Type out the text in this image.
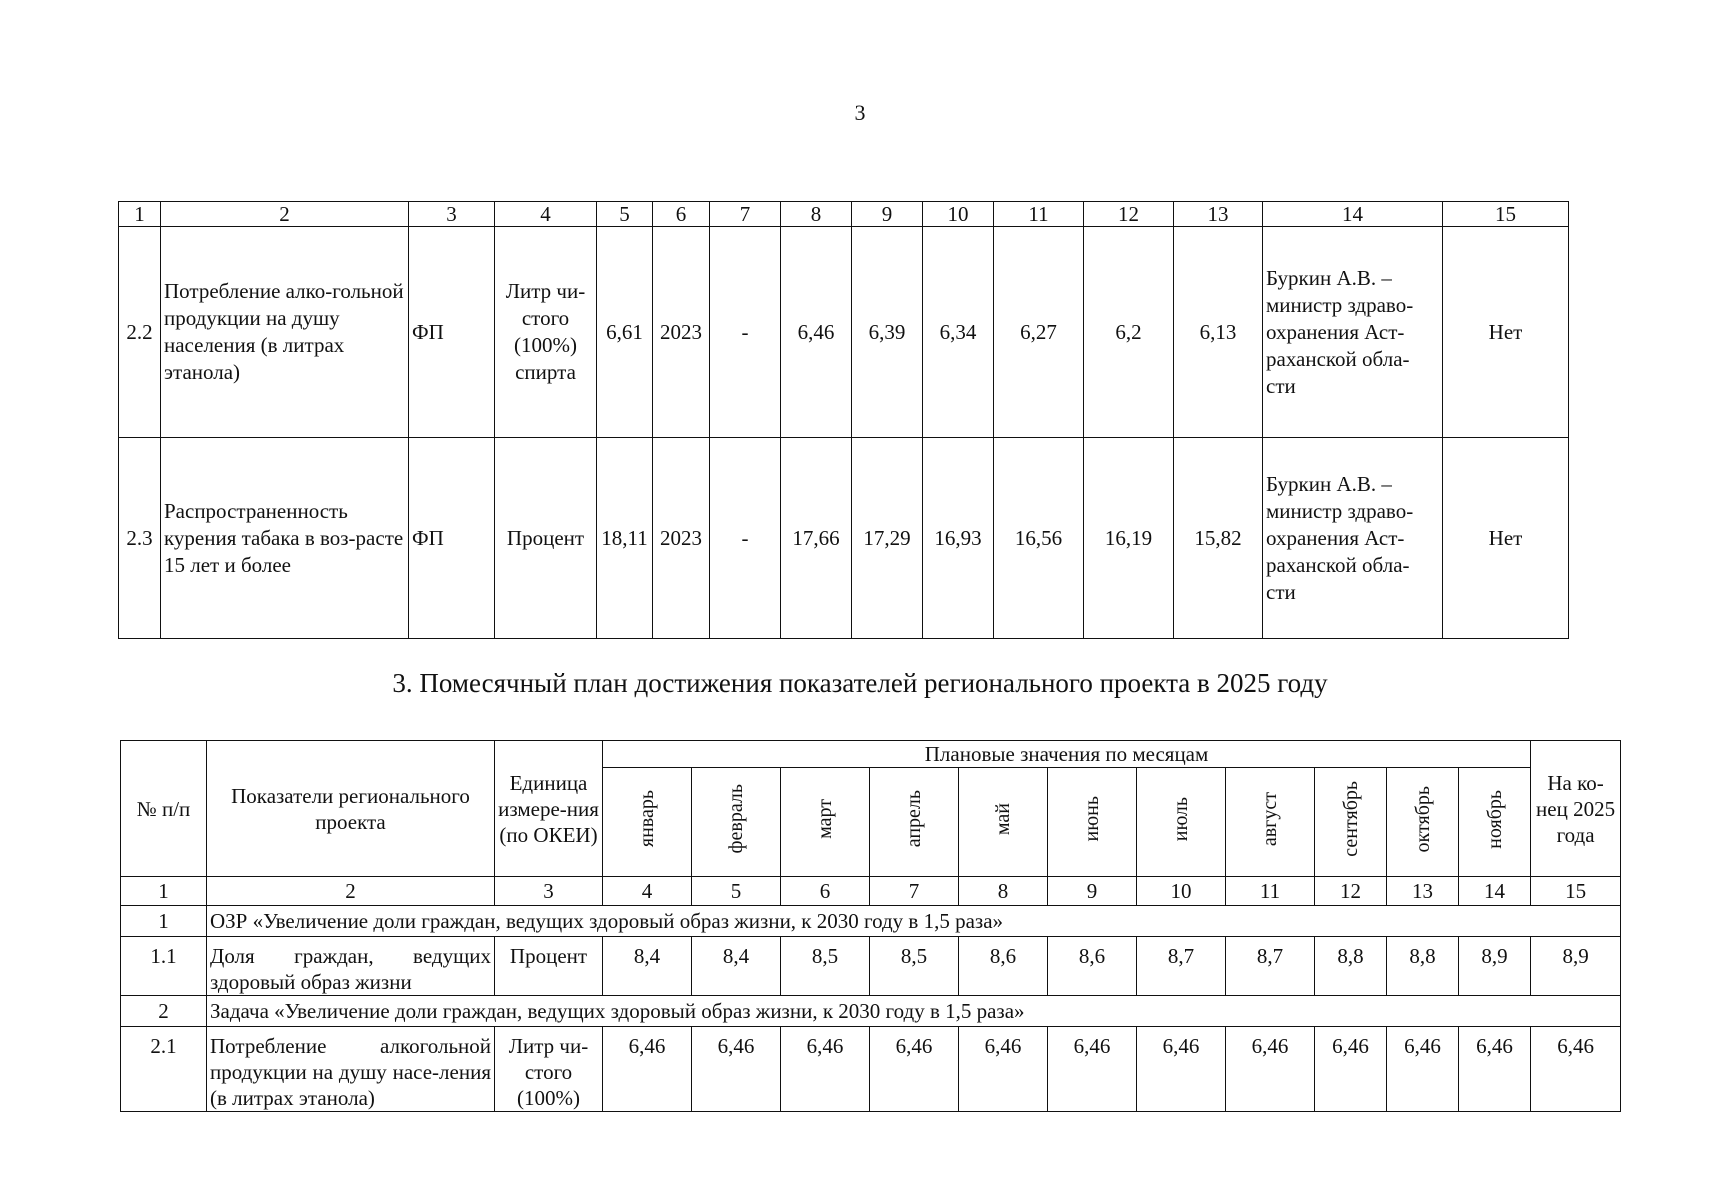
3
1	2	3	4	5	6	7	8	9	10	11	12	13	14	15
2.2	Потребление алко-гольной продукции на душу населения (в литрах этанола)	ФП	Литр чи-стого (100%) спирта	6,61	2023	-	6,46	6,39	6,34	6,27	6,2	6,13	Буркин А.В. – министр здраво-охранения Аст-раханской обла-сти	Нет
2.3	Распространенность курения табака в воз-расте 15 лет и более	ФП	Процент	18,11	2023	-	17,66	17,29	16,93	16,56	16,19	15,82	Буркин А.В. – министр здраво-охранения Аст-раханской обла-сти	Нет
3. Помесячный план достижения показателей регионального проекта в 2025 году
№ п/п	Показатели регионального проекта	Единица измере-ния (по ОКЕИ)	Плановые значения по месяцам											На ко-нец 2025 года
			январь	февраль	март	апрель	май	июнь	июль	август	сентябрь	октябрь	ноябрь	
1	2	3	4	5	6	7	8	9	10	11	12	13	14	15
1	ОЗР «Увеличение доли граждан, ведущих здоровый образ жизни, к 2030 году в 1,5 раза»													
1.1	Доля граждан, ведущих здоровый образ жизни	Процент	8,4	8,4	8,5	8,5	8,6	8,6	8,7	8,7	8,8	8,8	8,9	8,9
2	Задача «Увеличение доли граждан, ведущих здоровый образ жизни, к 2030 году в 1,5 раза»													
2.1	Потребление алкогольной продукции на душу насе-ления (в литрах этанола)	Литр чи-стого (100%)	6,46	6,46	6,46	6,46	6,46	6,46	6,46	6,46	6,46	6,46	6,46	6,46
